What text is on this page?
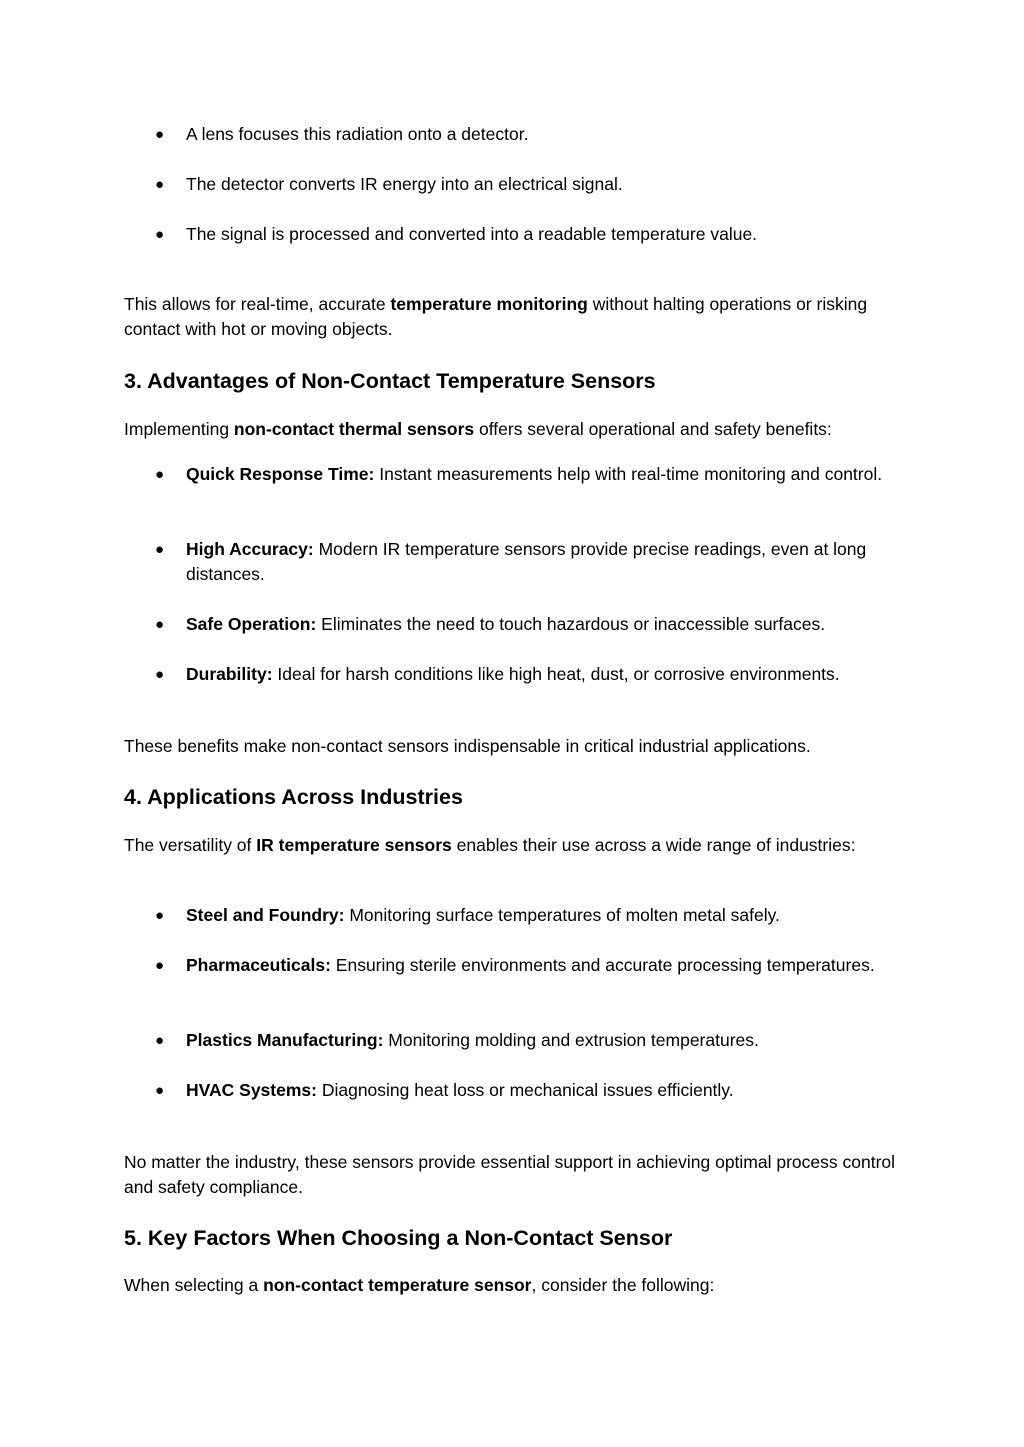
● A lens focuses this radiation onto a detector.
● The detector converts IR energy into an electrical signal.
● The signal is processed and converted into a readable temperature value.

This allows for real-time, accurate temperature monitoring without halting operations or risking contact with hot or moving objects.

3. Advantages of Non-Contact Temperature Sensors

Implementing non-contact thermal sensors offers several operational and safety benefits:

● Quick Response Time: Instant measurements help with real-time monitoring and control.
● High Accuracy: Modern IR temperature sensors provide precise readings, even at long distances.
● Safe Operation: Eliminates the need to touch hazardous or inaccessible surfaces.
● Durability: Ideal for harsh conditions like high heat, dust, or corrosive environments.

These benefits make non-contact sensors indispensable in critical industrial applications.

4. Applications Across Industries

The versatility of IR temperature sensors enables their use across a wide range of industries:

● Steel and Foundry: Monitoring surface temperatures of molten metal safely.
● Pharmaceuticals: Ensuring sterile environments and accurate processing temperatures.
● Plastics Manufacturing: Monitoring molding and extrusion temperatures.
● HVAC Systems: Diagnosing heat loss or mechanical issues efficiently.

No matter the industry, these sensors provide essential support in achieving optimal process control and safety compliance.

5. Key Factors When Choosing a Non-Contact Sensor

When selecting a non-contact temperature sensor, consider the following:
